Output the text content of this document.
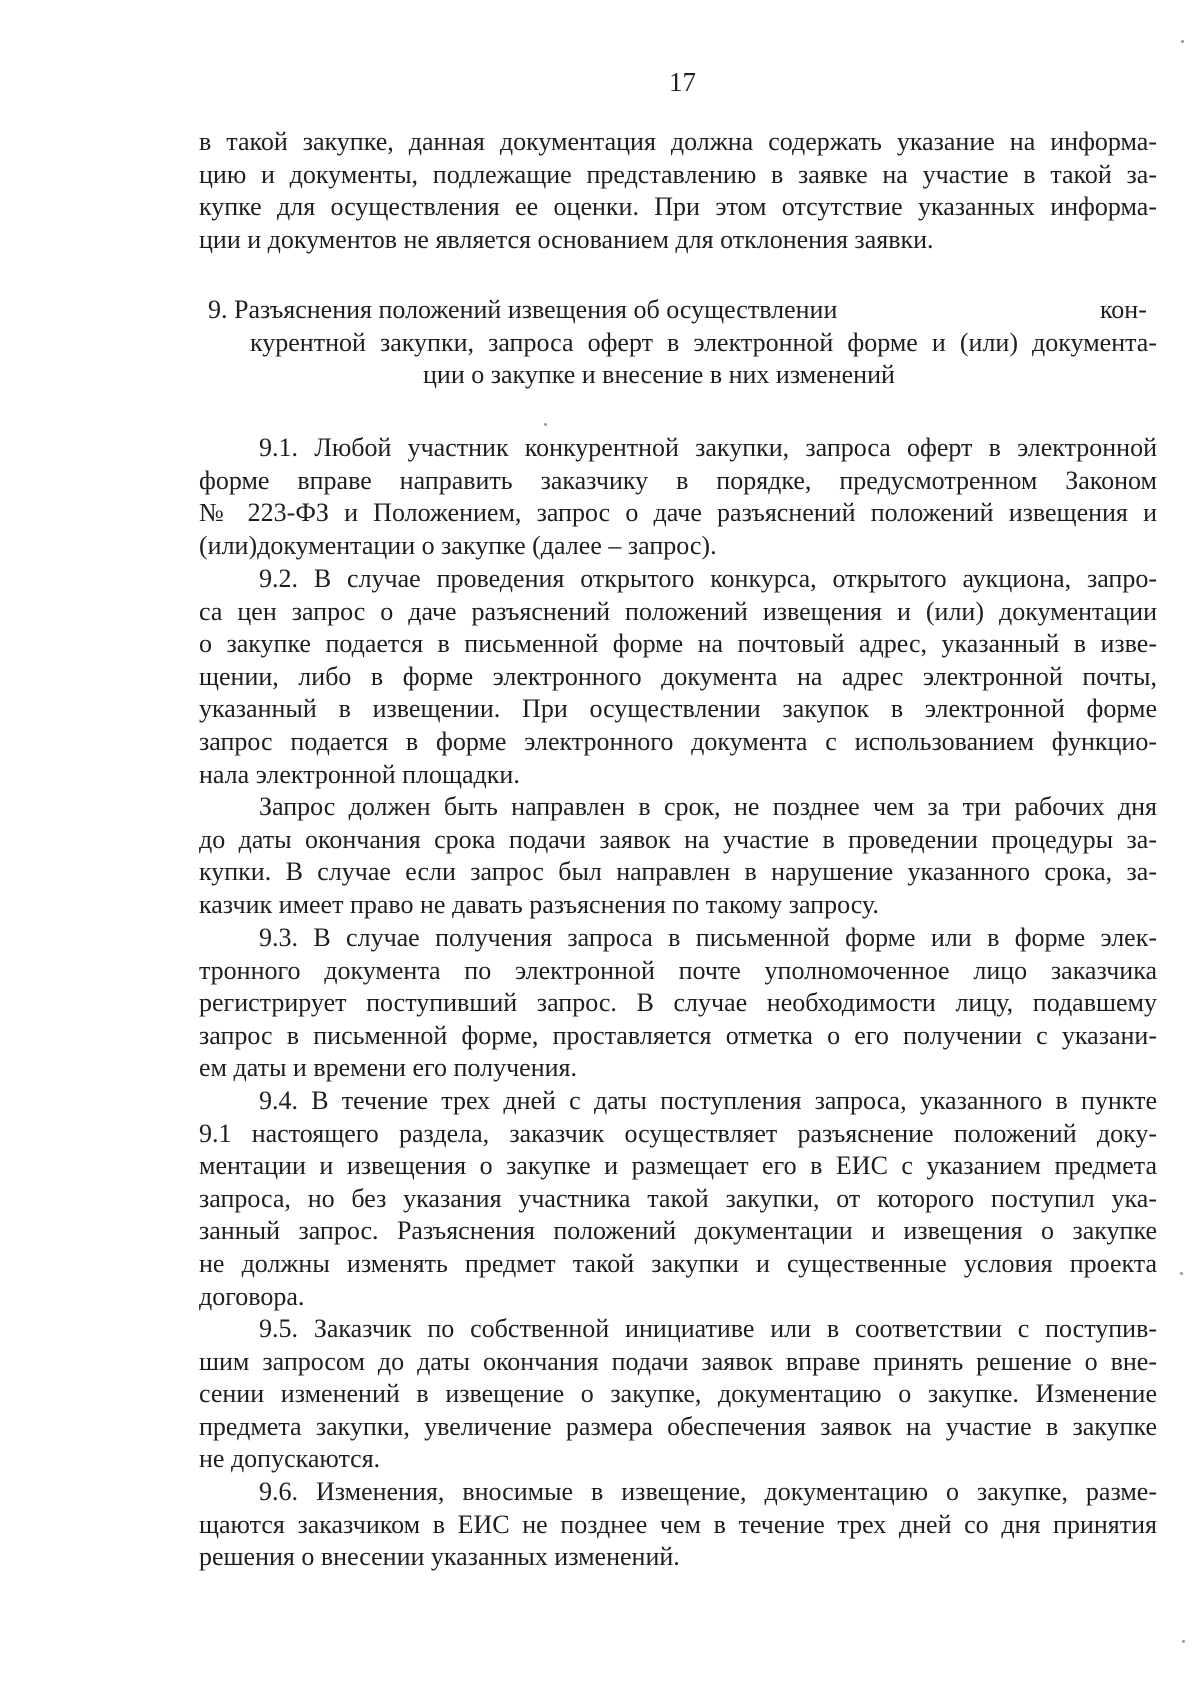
17
в такой закупке, данная документация должна содержать указание на информа-
цию и документы, подлежащие представлению в заявке на участие в такой за-
купке для осуществления ее оценки. При этом отсутствие указанных информа-
ции и документов не является основанием для отклонения заявки.
9. Разъяснения положений извещения об осуществлении	кон-
курентной закупки, запроса оферт в электронной форме и (или) документа-
ции о закупке и внесение в них изменений
9.1. Любой участник конкурентной закупки, запроса оферт в электронной
форме вправе направить заказчику в порядке, предусмотренном Законом
№ 223-ФЗ и Положением, запрос о даче разъяснений положений извещения и
(или)документации о закупке (далее – запрос).
9.2. В случае проведения открытого конкурса, открытого аукциона, запро-
са цен запрос о даче разъяснений положений извещения и (или) документации
о закупке подается в письменной форме на почтовый адрес, указанный в изве-
щении, либо в форме электронного документа на адрес электронной почты,
указанный в извещении. При осуществлении закупок в электронной форме
запрос подается в форме электронного документа с использованием функцио-
нала электронной площадки.
Запрос должен быть направлен в срок, не позднее чем за три рабочих дня
до даты окончания срока подачи заявок на участие в проведении процедуры за-
купки. В случае если запрос был направлен в нарушение указанного срока, за-
казчик имеет право не давать разъяснения по такому запросу.
9.3. В случае получения запроса в письменной форме или в форме элек-
тронного документа по электронной почте уполномоченное лицо заказчика
регистрирует поступивший запрос. В случае необходимости лицу, подавшему
запрос в письменной форме, проставляется отметка о его получении с указани-
ем даты и времени его получения.
9.4. В течение трех дней с даты поступления запроса, указанного в пункте
9.1 настоящего раздела, заказчик осуществляет разъяснение положений доку-
ментации и извещения о закупке и размещает его в ЕИС с указанием предмета
запроса, но без указания участника такой закупки, от которого поступил ука-
занный запрос. Разъяснения положений документации и извещения о закупке
не должны изменять предмет такой закупки и существенные условия проекта
договора.
9.5. Заказчик по собственной инициативе или в соответствии с поступив-
шим запросом до даты окончания подачи заявок вправе принять решение о вне-
сении изменений в извещение о закупке, документацию о закупке. Изменение
предмета закупки, увеличение размера обеспечения заявок на участие в закупке
не допускаются.
9.6. Изменения, вносимые в извещение, документацию о закупке, разме-
щаются заказчиком в ЕИС не позднее чем в течение трех дней со дня принятия
решения о внесении указанных изменений.
